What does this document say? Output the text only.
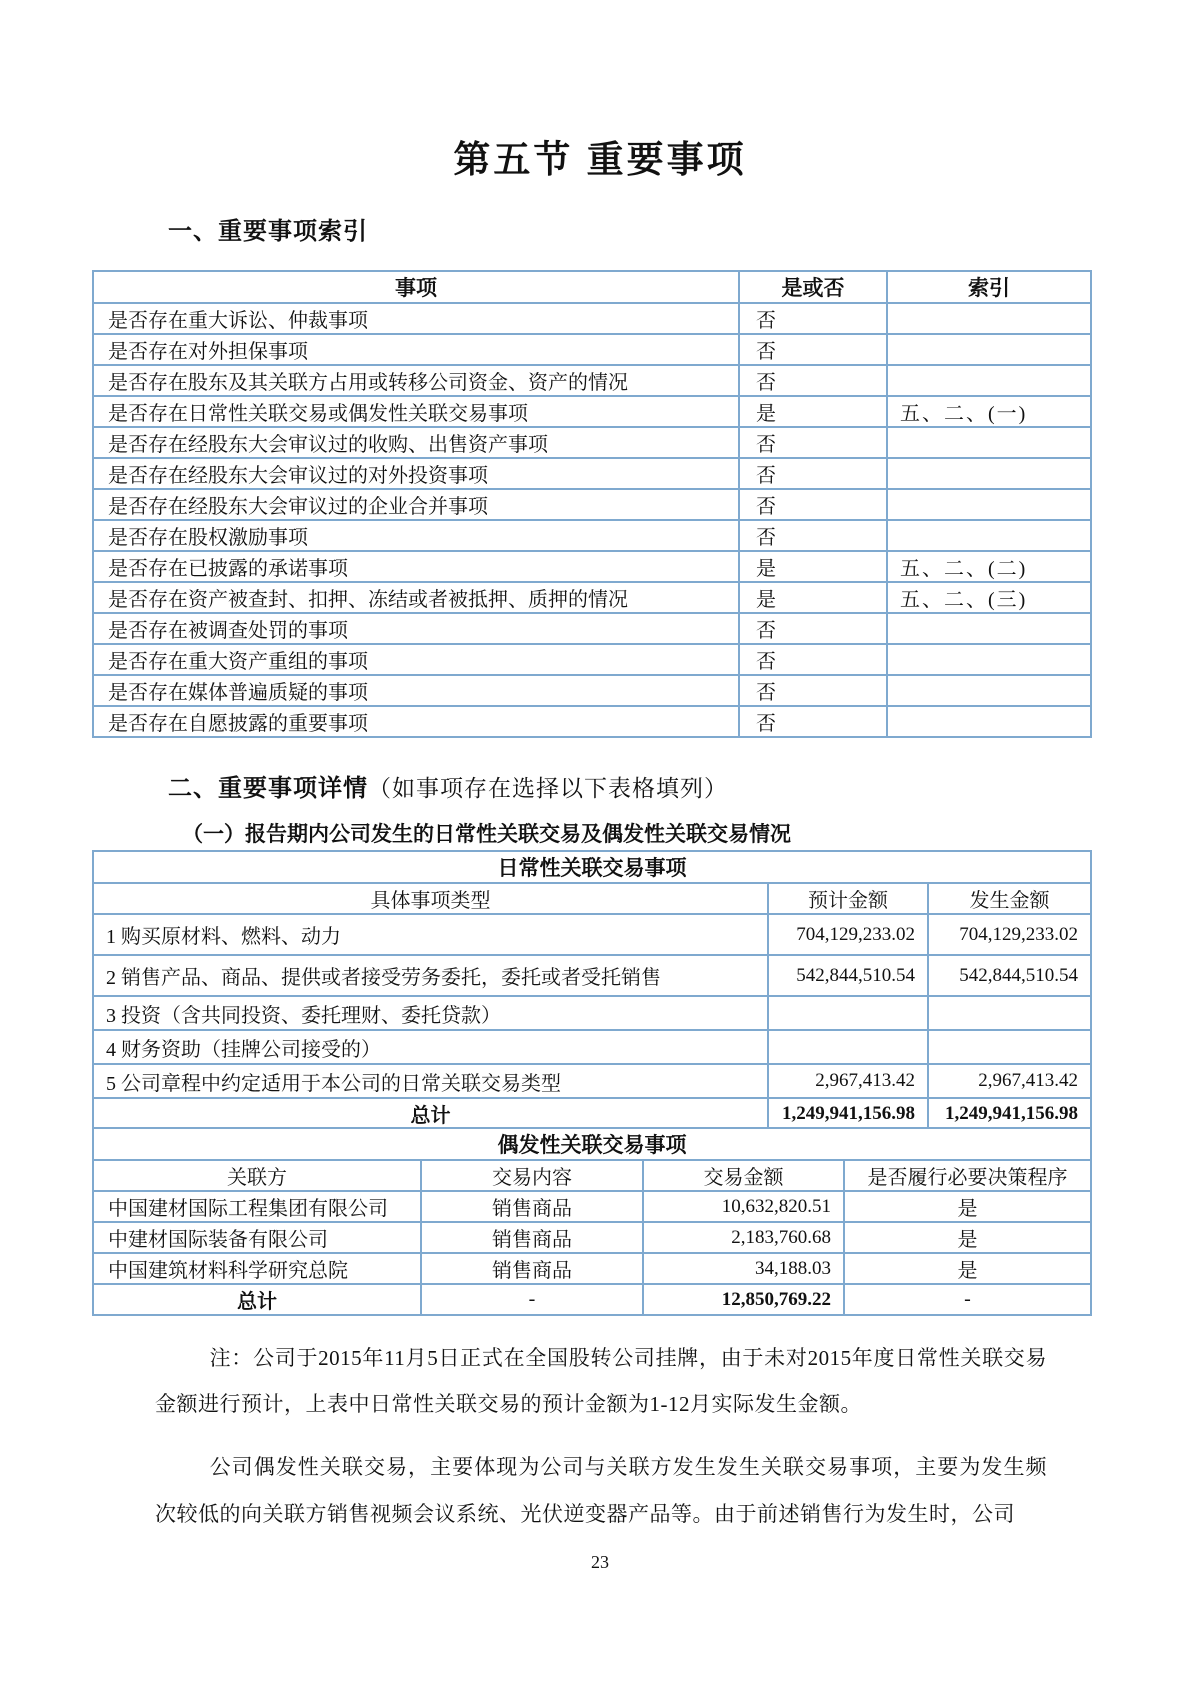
第五节 重要事项
一、重要事项索引
事项	是或否	索引
是否存在重大诉讼、仲裁事项	否	
是否存在对外担保事项	否	
是否存在股东及其关联方占用或转移公司资金、资产的情况	否	
是否存在日常性关联交易或偶发性关联交易事项	是	五、二、(一)
是否存在经股东大会审议过的收购、出售资产事项	否	
是否存在经股东大会审议过的对外投资事项	否	
是否存在经股东大会审议过的企业合并事项	否	
是否存在股权激励事项	否	
是否存在已披露的承诺事项	是	五、二、(二)
是否存在资产被查封、扣押、冻结或者被抵押、质押的情况	是	五、二、(三)
是否存在被调查处罚的事项	否	
是否存在重大资产重组的事项	否	
是否存在媒体普遍质疑的事项	否	
是否存在自愿披露的重要事项	否	
二、重要事项详情（如事项存在选择以下表格填列）
（一）报告期内公司发生的日常性关联交易及偶发性关联交易情况
日常性关联交易事项		
具体事项类型	预计金额	发生金额
1 购买原材料、燃料、动力	704,129,233.02	704,129,233.02
2 销售产品、商品、提供或者接受劳务委托，委托或者受托销售	542,844,510.54	542,844,510.54
3 投资（含共同投资、委托理财、委托贷款）		
4 财务资助（挂牌公司接受的）		
5 公司章程中约定适用于本公司的日常关联交易类型	2,967,413.42	2,967,413.42
总计	1,249,941,156.98	1,249,941,156.98
偶发性关联交易事项			
关联方	交易内容	交易金额	是否履行必要决策程序
中国建材国际工程集团有限公司	销售商品	10,632,820.51	是
中建材国际装备有限公司	销售商品	2,183,760.68	是
中国建筑材料科学研究总院	销售商品	34,188.03	是
总计	-	12,850,769.22	-
注：公司于2015年11月5日正式在全国股转公司挂牌，由于未对2015年度日常性关联交易金额进行预计，上表中日常性关联交易的预计金额为1-12月实际发生金额。
公司偶发性关联交易，主要体现为公司与关联方发生发生关联交易事项，主要为发生频次较低的向关联方销售视频会议系统、光伏逆变器产品等。由于前述销售行为发生时，公司
23
